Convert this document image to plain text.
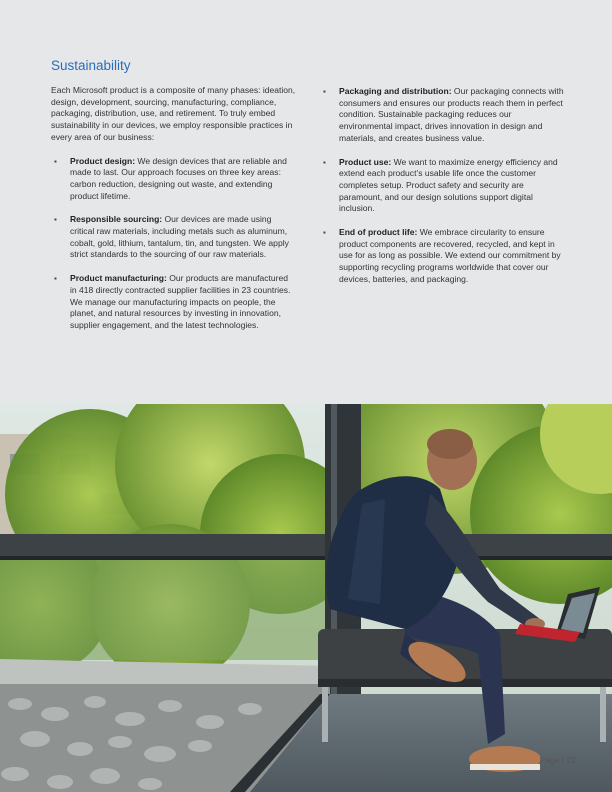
Sustainability

Each Microsoft product is a composite of many phases: ideation, design, development, sourcing, manufacturing, compliance, packaging, distribution, use, and retirement. To truly embed sustainability in our devices, we employ responsible practices in every area of our business:

▪ Product design: We design devices that are reliable and made to last. Our approach focuses on three key areas: carbon reduction, designing out waste, and extending product lifetime.
▪ Responsible sourcing: Our devices are made using critical raw materials, including metals such as aluminum, cobalt, gold, lithium, tantalum, tin, and tungsten. We apply strict standards to the sourcing of our raw materials.
▪ Product manufacturing: Our products are manufactured in 418 directly contracted supplier facilities in 23 countries. We manage our manufacturing impacts on people, the planet, and natural resources by investing in innovation, supplier engagement, and the latest technologies.
▪ Packaging and distribution: Our packaging connects with consumers and ensures our products reach them in perfect condition. Sustainable packaging reduces our environmental impact, drives innovation in design and materials, and creates business value.
▪ Product use: We want to maximize energy efficiency and extend each product’s usable life once the customer completes setup. Product safety and security are paramount, and our design solutions support digital inclusion.
▪ End of product life: We embrace circularity to ensure product components are recovered, recycled, and kept in use for as long as possible. We extend our commitment by supporting recycling programs worldwide that cover our devices, batteries, and packaging.
Page / 22
